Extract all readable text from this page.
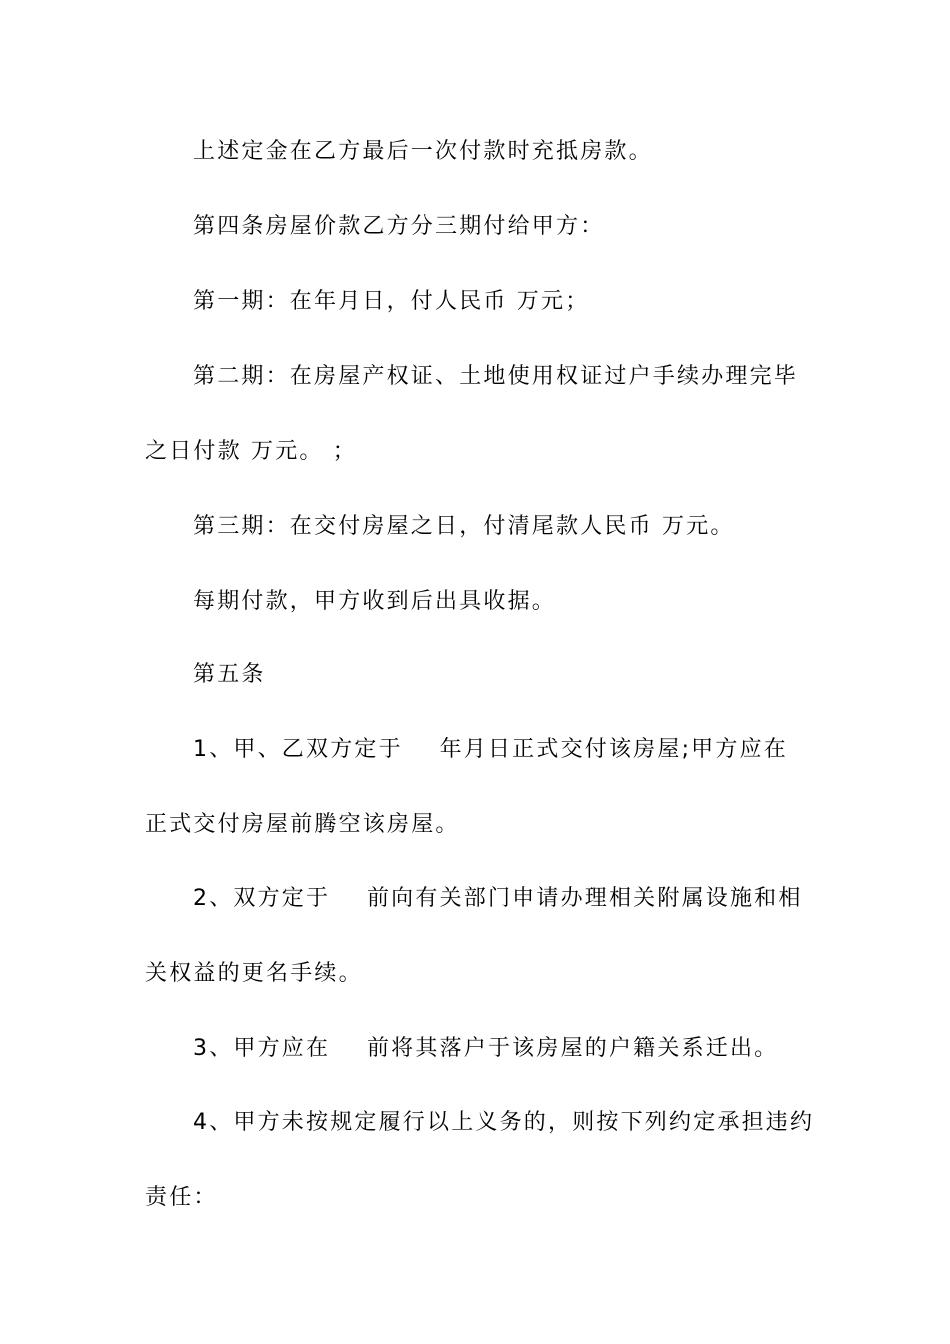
上述定金在乙方最后一次付款时充抵房款。
第四条房屋价款乙方分三期付给甲方：
第一期：在年月日，付人民币 万元；
第二期：在房屋产权证、土地使用权证过户手续办理完毕
之日付款 万元。 ；
第三期：在交付房屋之日，付清尾款人民币 万元。
每期付款，甲方收到后出具收据。
第五条
1、甲、乙双方定于    年月日正式交付该房屋;甲方应在
正式交付房屋前腾空该房屋。
2、双方定于    前向有关部门申请办理相关附属设施和相
关权益的更名手续。
3、甲方应在    前将其落户于该房屋的户籍关系迁出。
4、甲方未按规定履行以上义务的，则按下列约定承担违约
责任：
